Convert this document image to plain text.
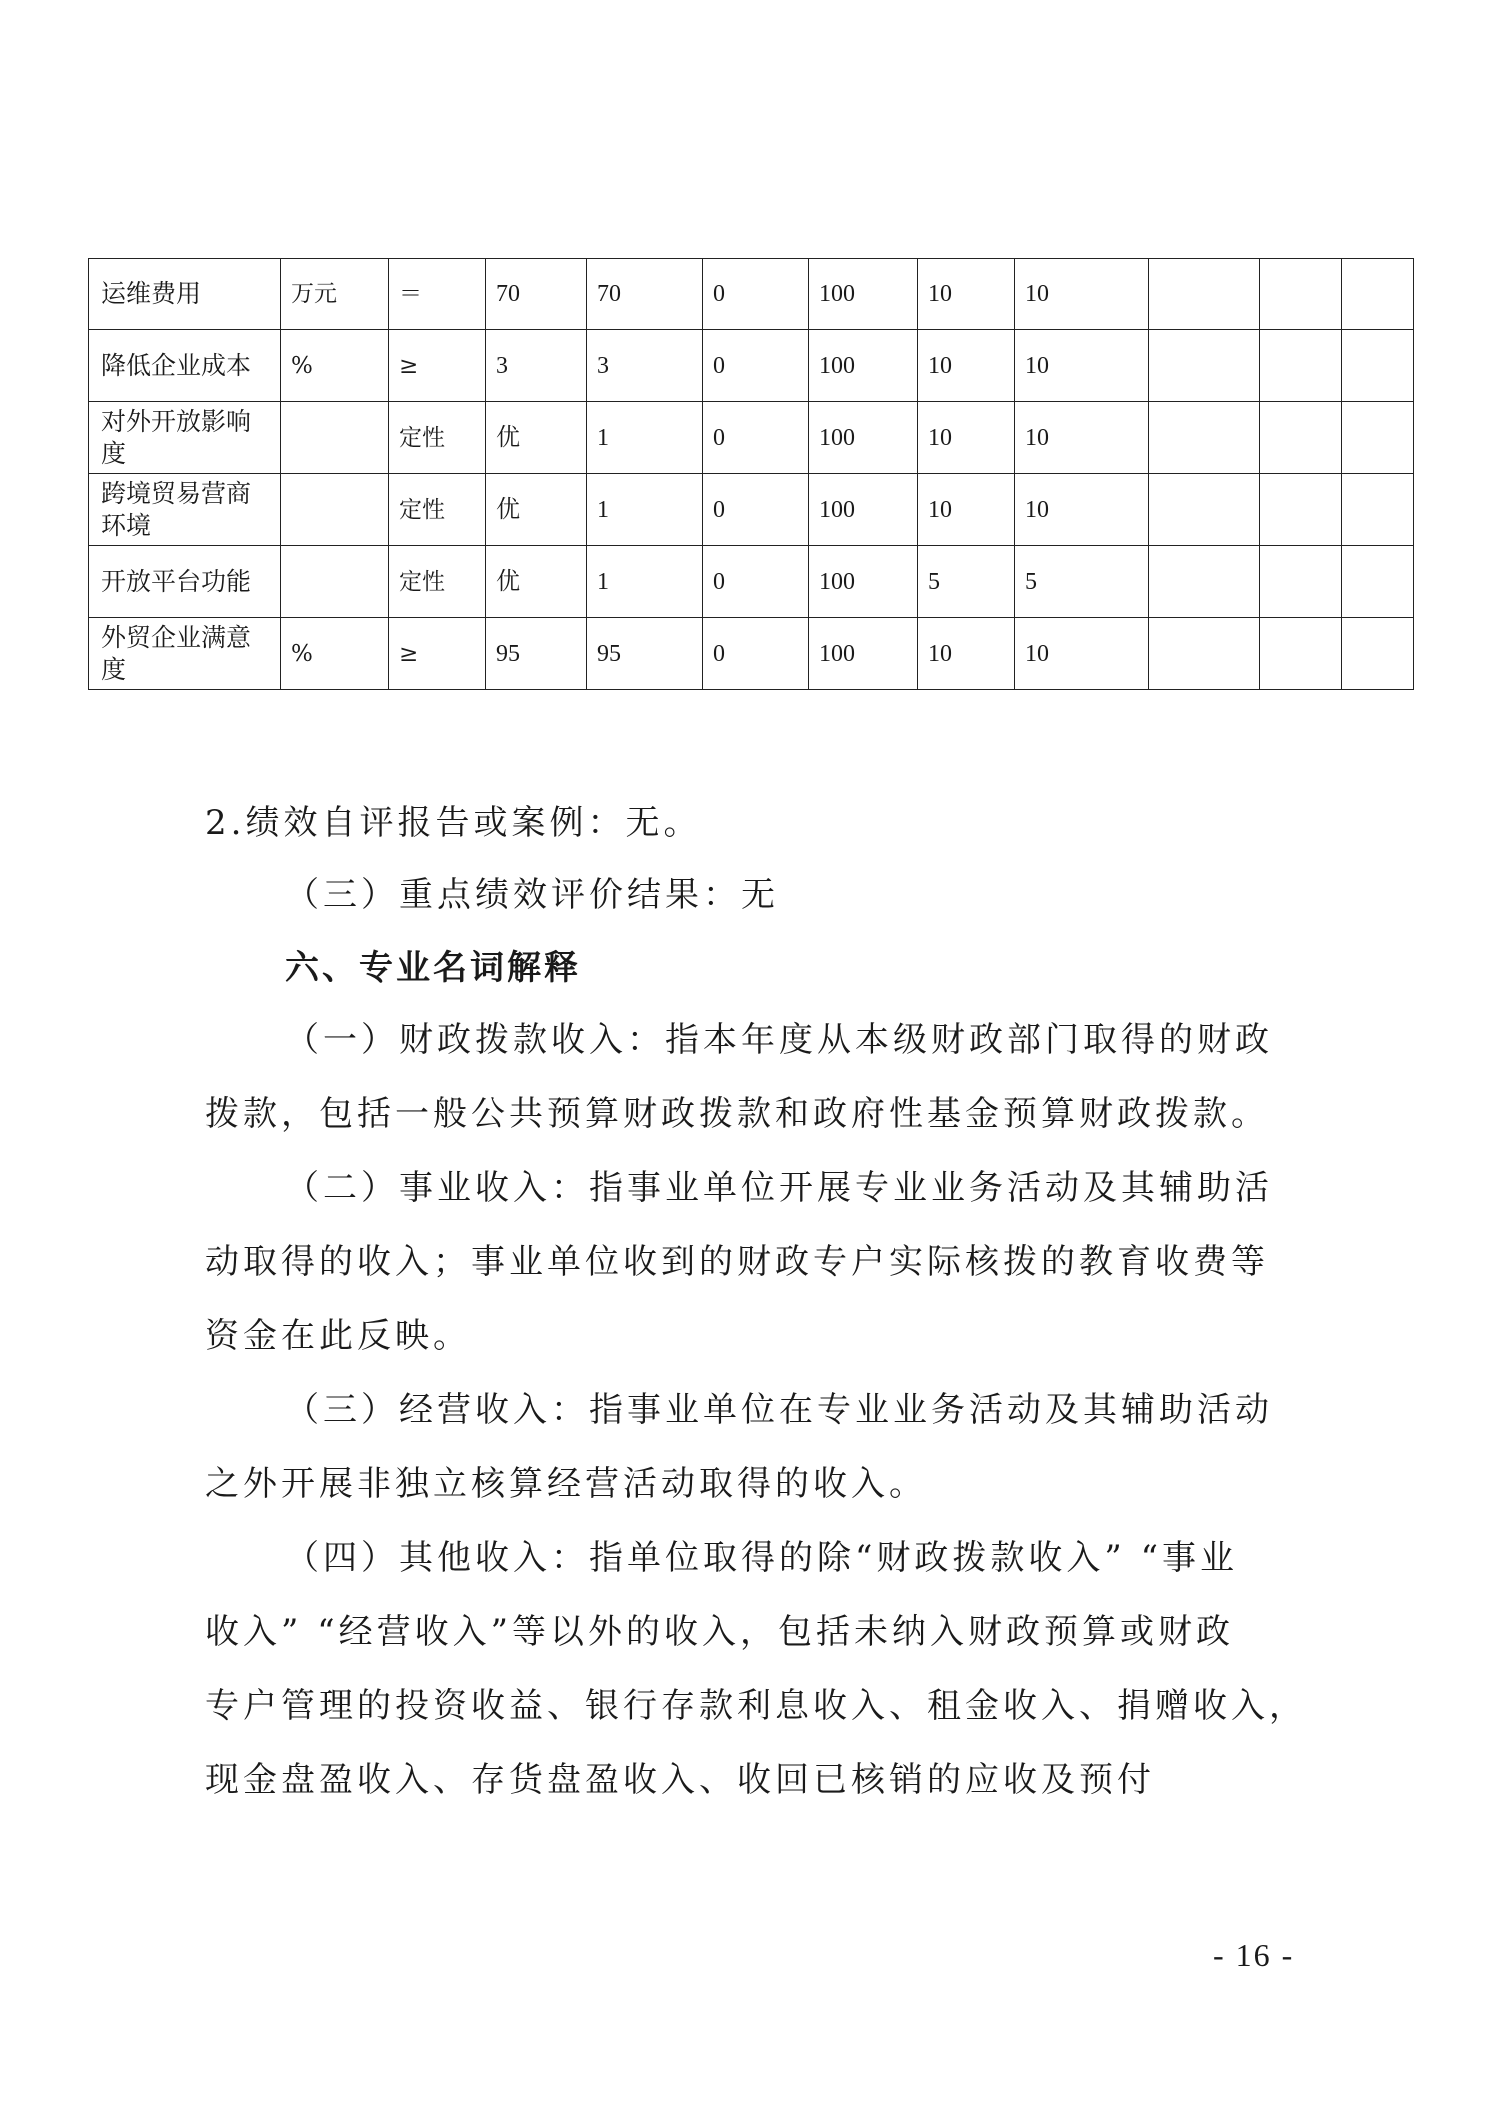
运维费用	万元	＝	70	70	0	100	10	10			
降低企业成本	%	≥	3	3	0	100	10	10			
对外开放影响度		定性	优	1	0	100	10	10			
跨境贸易营商环境		定性	优	1	0	100	10	10			
开放平台功能		定性	优	1	0	100	5	5			
外贸企业满意度	%	≥	95	95	0	100	10	10			
2.绩效自评报告或案例：无。
（三）重点绩效评价结果：无
六、专业名词解释
（一）财政拨款收入：指本年度从本级财政部门取得的财政
拨款，包括一般公共预算财政拨款和政府性基金预算财政拨款。
（二）事业收入：指事业单位开展专业业务活动及其辅助活
动取得的收入；事业单位收到的财政专户实际核拨的教育收费等
资金在此反映。
（三）经营收入：指事业单位在专业业务活动及其辅助活动
之外开展非独立核算经营活动取得的收入。
（四）其他收入：指单位取得的除“财政拨款收入” “事业
收入” “经营收入”等以外的收入，包括未纳入财政预算或财政
专户管理的投资收益、银行存款利息收入、租金收入、捐赠收入，
现金盘盈收入、存货盘盈收入、收回已核销的应收及预付
- 16 -
